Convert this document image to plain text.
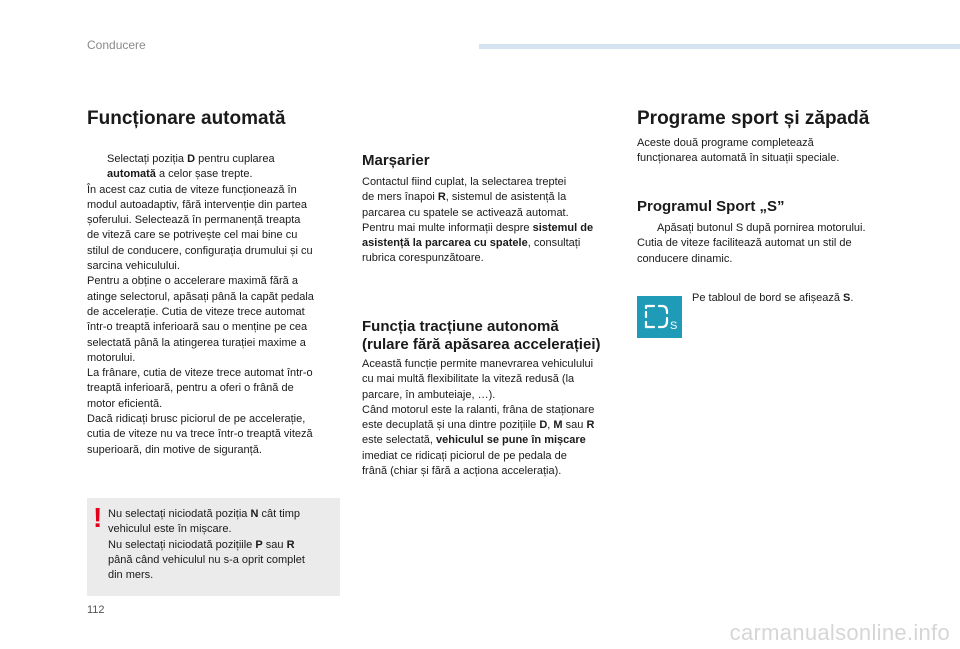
Conducere
Funcționare automată
Selectați poziția D pentru cuplarea
automată a celor șase trepte.
În acest caz cutia de viteze funcționează în
modul autoadaptiv, fără intervenție din partea
șoferului. Selectează în permanență treapta
de viteză care se potrivește cel mai bine cu
stilul de conducere, configurația drumului și cu
sarcina vehiculului.
Pentru a obține o accelerare maximă fără a
atinge selectorul, apăsați până la capăt pedala
de accelerație. Cutia de viteze trece automat
într-o treaptă inferioară sau o menține pe cea
selectată până la atingerea turației maxime a
motorului.
La frânare, cutia de viteze trece automat într-o
treaptă inferioară, pentru a oferi o frână de
motor eficientă.
Dacă ridicați brusc piciorul de pe accelerație,
cutia de viteze nu va trece într-o treaptă viteză
superioară, din motive de siguranță.
! Nu selectați niciodată poziția N cât timp
vehiculul este în mișcare.
Nu selectați niciodată pozițiile P sau R
până când vehiculul nu s-a oprit complet
din mers.
Marșarier
Contactul fiind cuplat, la selectarea treptei
de mers înapoi R, sistemul de asistență la
parcarea cu spatele se activează automat.
Pentru mai multe informații despre sistemul de
asistență la parcarea cu spatele, consultați
rubrica corespunzătoare.
Funcția tracțiune autonomă
(rulare fără apăsarea accelerației)
Această funcție permite manevrarea vehiculului
cu mai multă flexibilitate la viteză redusă (la
parcare, în ambuteiaje, …).
Când motorul este la ralanti, frâna de staționare
este decuplată și una dintre pozițiile D, M sau R
este selectată, vehiculul se pune în mișcare
imediat ce ridicați piciorul de pe pedala de
frână (chiar și fără a acționa accelerația).
Programe sport și zăpadă
Aceste două programe completează
funcționarea automată în situații speciale.
Programul Sport „S”
Apăsați butonul S după pornirea motorului.
Cutia de viteze facilitează automat un stil de
conducere dinamic.
S
Pe tabloul de bord se afișează S.
112
carmanualsonline.info
